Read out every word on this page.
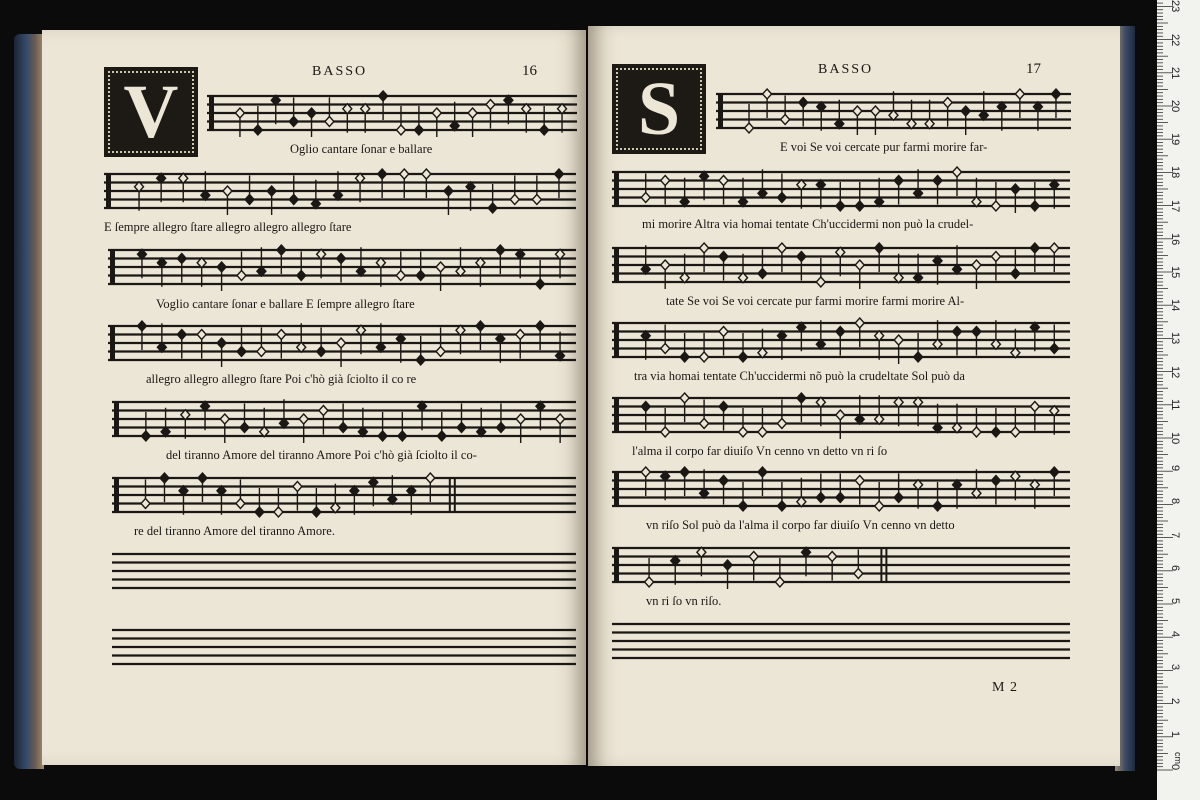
BASSO	16
V	Oglio cantare ſonar e ballare
E ſempre allegro ſtare allegro allegro allegro ſtare
Voglio cantare ſonar e ballare E ſempre allegro ſtare
allegro allegro allegro ſtare Poi c'hò già ſciolto il co re
del tiranno Amore del tiranno Amore Poi c'hò già ſciolto il co-
re del tiranno Amore del tiranno Amore.
BASSO	17
S	E voi Se voi cercate pur farmi morire far-
mi morire Altra via homai tentate Ch'uccidermi non può la crudel-
tate Se voi Se voi cercate pur farmi morire farmi morire Al-
tra via homai tentate Ch'uccidermi nõ può la crudeltate Sol può da
l'alma il corpo far diuiſo Vn cenno vn detto vn ri ſo
vn riſo Sol può da l'alma il corpo far diuiſo Vn cenno vn detto
vn ri ſo vn riſo.
M 2
cm
0
1
2
3
4
5
6
7
8
9
10
11
12
13
14
15
16
17
18
19
20
21
22
23
